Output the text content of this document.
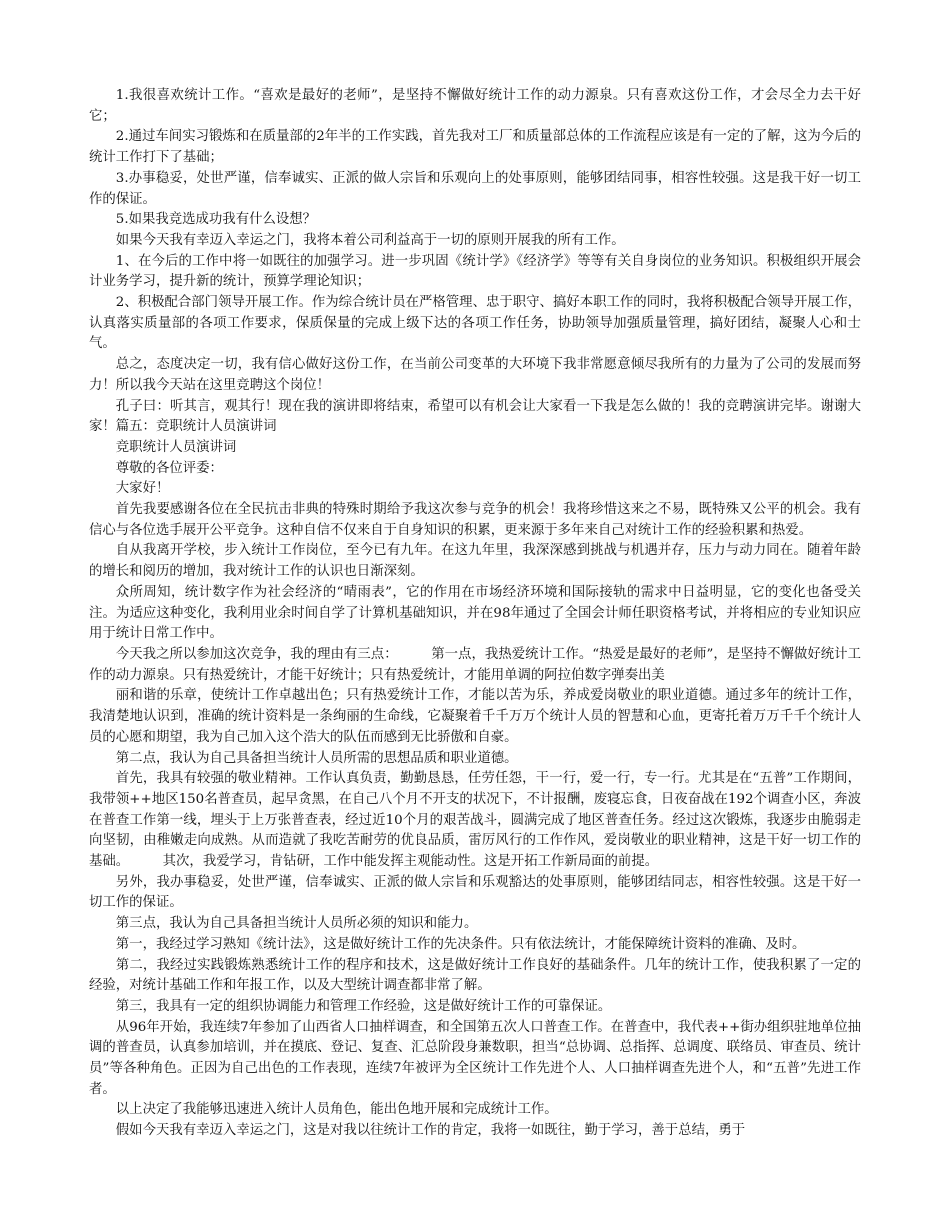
1.我很喜欢统计工作。“喜欢是最好的老师”，是坚持不懈做好统计工作的动力源泉。只有喜欢这份工作，才会尽全力去干好它；

2.通过车间实习锻炼和在质量部的2年半的工作实践，首先我对工厂和质量部总体的工作流程应该是有一定的了解，这为今后的统计工作打下了基础；

3.办事稳妥，处世严谨，信奉诚实、正派的做人宗旨和乐观向上的处事原则，能够团结同事，相容性较强。这是我干好一切工作的保证。

5.如果我竞选成功我有什么设想？

如果今天我有幸迈入幸运之门，我将本着公司利益高于一切的原则开展我的所有工作。

1、在今后的工作中将一如既往的加强学习。进一步巩固《统计学》《经济学》等等有关自身岗位的业务知识。积极组织开展会计业务学习，提升新的统计，预算学理论知识；

2、积极配合部门领导开展工作。作为综合统计员在严格管理、忠于职守、搞好本职工作的同时，我将积极配合领导开展工作，认真落实质量部的各项工作要求，保质保量的完成上级下达的各项工作任务，协助领导加强质量管理，搞好团结，凝聚人心和士气。

总之，态度决定一切，我有信心做好这份工作，在当前公司变革的大环境下我非常愿意倾尽我所有的力量为了公司的发展而努力！所以我今天站在这里竞聘这个岗位！

孔子曰：听其言，观其行！现在我的演讲即将结束，希望可以有机会让大家看一下我是怎么做的！我的竞聘演讲完毕。谢谢大家！篇五：竞职统计人员演讲词

竞职统计人员演讲词

尊敬的各位评委：

大家好！

首先我要感谢各位在全民抗击非典的特殊时期给予我这次参与竞争的机会！我将珍惜这来之不易，既特殊又公平的机会。我有信心与各位选手展开公平竞争。这种自信不仅来自于自身知识的积累，更来源于多年来自己对统计工作的经验积累和热爱。

自从我离开学校，步入统计工作岗位，至今已有九年。在这九年里，我深深感到挑战与机遇并存，压力与动力同在。随着年龄的增长和阅历的增加，我对统计工作的认识也日渐深刻。

众所周知，统计数字作为社会经济的“晴雨表”，它的作用在市场经济环境和国际接轨的需求中日益明显，它的变化也备受关注。为适应这种变化，我利用业余时间自学了计算机基础知识，并在98年通过了全国会计师任职资格考试，并将相应的专业知识应用于统计日常工作中。

今天我之所以参加这次竞争，我的理由有三点：　　　第一点，我热爱统计工作。“热爱是最好的老师”，是坚持不懈做好统计工作的动力源泉。只有热爱统计，才能干好统计；只有热爱统计，才能用单调的阿拉伯数字弹奏出美

丽和谐的乐章，使统计工作卓越出色；只有热爱统计工作，才能以苦为乐，养成爱岗敬业的职业道德。通过多年的统计工作，我清楚地认识到，准确的统计资料是一条绚丽的生命线，它凝聚着千千万万个统计人员的智慧和心血，更寄托着万万千千个统计人员的心愿和期望，我为自己加入这个浩大的队伍而感到无比骄傲和自豪。

第二点，我认为自己具备担当统计人员所需的思想品质和职业道德。

首先，我具有较强的敬业精神。工作认真负责，勤勤恳恳，任劳任怨，干一行，爱一行，专一行。尤其是在“五普”工作期间，我带领++地区150名普查员，起早贪黑，在自己八个月不开支的状况下，不计报酬，废寝忘食，日夜奋战在192个调查小区，奔波在普查工作第一线，埋头于上万张普查表，经过近10个月的艰苦战斗，圆满完成了地区普查任务。经过这次锻炼，我逐步由脆弱走向坚韧，由稚嫩走向成熟。从而造就了我吃苦耐劳的优良品质，雷厉风行的工作作风，爱岗敬业的职业精神，这是干好一切工作的基础。　　　其次，我爱学习，肯钻研，工作中能发挥主观能动性。这是开拓工作新局面的前提。

另外，我办事稳妥，处世严谨，信奉诚实、正派的做人宗旨和乐观豁达的处事原则，能够团结同志，相容性较强。这是干好一切工作的保证。

第三点，我认为自己具备担当统计人员所必须的知识和能力。

第一，我经过学习熟知《统计法》，这是做好统计工作的先决条件。只有依法统计，才能保障统计资料的准确、及时。

第二，我经过实践锻炼熟悉统计工作的程序和技术，这是做好统计工作良好的基础条件。几年的统计工作，使我积累了一定的经验，对统计基础工作和年报工作，以及大型统计调查都非常了解。

第三，我具有一定的组织协调能力和管理工作经验，这是做好统计工作的可靠保证。

从96年开始，我连续7年参加了山西省人口抽样调查，和全国第五次人口普查工作。在普查中，我代表++街办组织驻地单位抽调的普查员，认真参加培训，并在摸底、登记、复查、汇总阶段身兼数职，担当“总协调、总指挥、总调度、联络员、审查员、统计员”等各种角色。正因为自己出色的工作表现，连续7年被评为全区统计工作先进个人、人口抽样调查先进个人，和“五普”先进工作者。

以上决定了我能够迅速进入统计人员角色，能出色地开展和完成统计工作。

假如今天我有幸迈入幸运之门，这是对我以往统计工作的肯定，我将一如既往，勤于学习，善于总结，勇于
